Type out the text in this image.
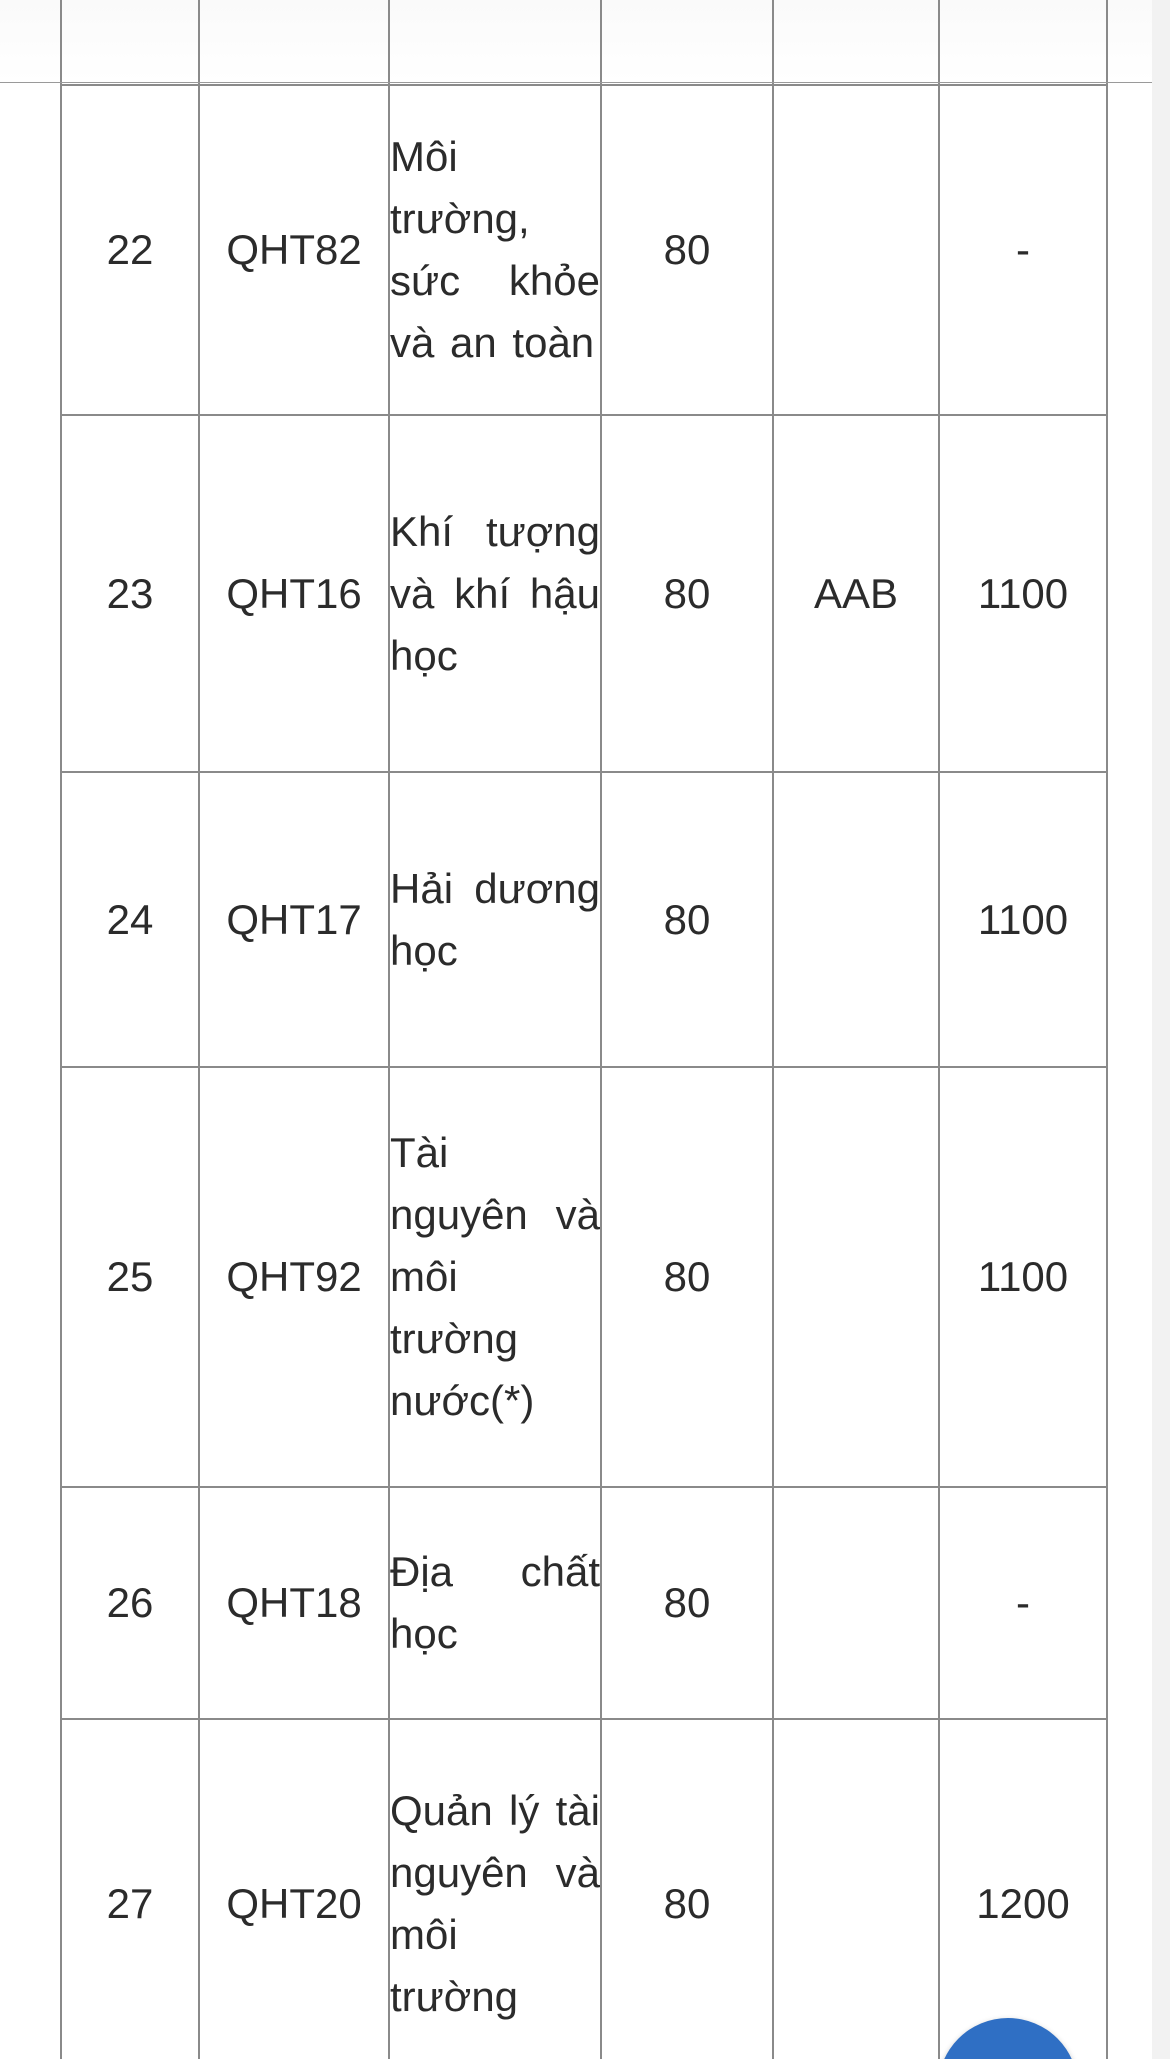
22	QHT82	Môi trường, sức khỏe và an toàn	80		-
23	QHT16	Khí tượng và khí hậu học	80	AAB	1100
24	QHT17	Hải dương học	80		1100
25	QHT92	Tài nguyên và môi trường nước(*)	80		1100
26	QHT18	Địa chất học	80		-
27	QHT20	Quản lý tài nguyên và môi trường	80		1200
